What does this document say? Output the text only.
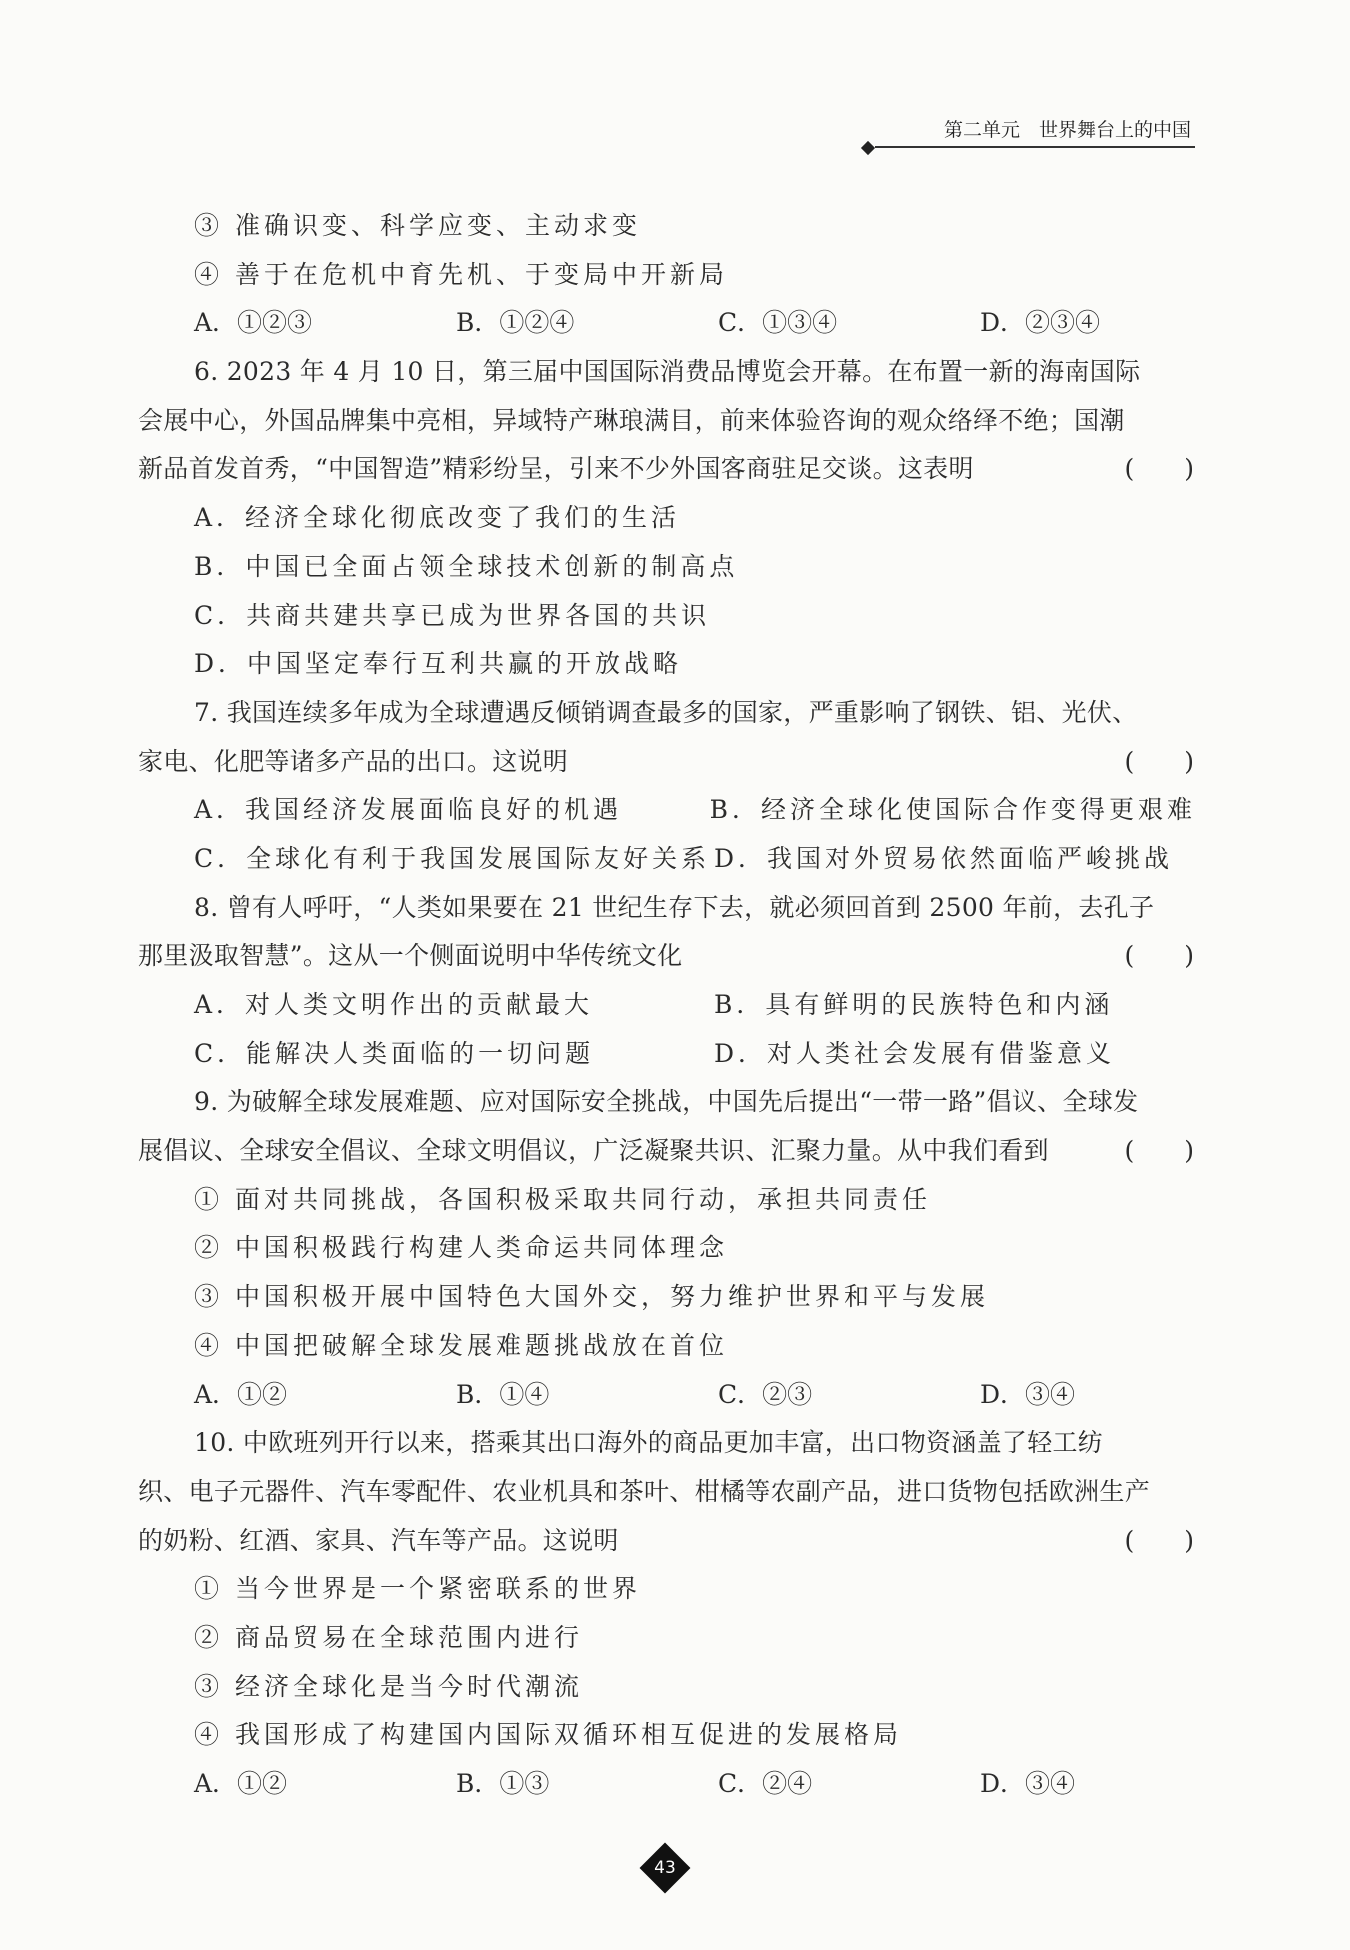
第二单元　 世界舞台上的中国
③ 准确识变、科学应变、主动求变
④ 善于在危机中育先机、于变局中开新局
A．①②③	B．①②④	C．①③④	D．②③④
6. 2023 年 4 月 10 日，第三届中国国际消费品博览会开幕。在布置一新的海南国际
会展中心，外国品牌集中亮相，异域特产琳琅满目，前来体验咨询的观众络绎不绝；国潮
新品首发首秀，“中国智造”精彩纷呈，引来不少外国客商驻足交谈。这表明	(　　)
A．经济全球化彻底改变了我们的生活
B．中国已全面占领全球技术创新的制高点
C．共商共建共享已成为世界各国的共识
D．中国坚定奉行互利共赢的开放战略
7. 我国连续多年成为全球遭遇反倾销调查最多的国家，严重影响了钢铁、铝、光伏、
家电、化肥等诸多产品的出口。这说明	(　　)
A．我国经济发展面临良好的机遇	B．经济全球化使国际合作变得更艰难
C．全球化有利于我国发展国际友好关系 D．我国对外贸易依然面临严峻挑战
8. 曾有人呼吁，“人类如果要在 21 世纪生存下去，就必须回首到 2500 年前，去孔子
那里汲取智慧”。这从一个侧面说明中华传统文化	(　　)
A．对人类文明作出的贡献最大	B．具有鲜明的民族特色和内涵
C．能解决人类面临的一切问题	D．对人类社会发展有借鉴意义
9. 为破解全球发展难题、应对国际安全挑战，中国先后提出“一带一路”倡议、全球发
展倡议、全球安全倡议、全球文明倡议，广泛凝聚共识、汇聚力量。从中我们看到	(　　)
① 面对共同挑战，各国积极采取共同行动，承担共同责任
② 中国积极践行构建人类命运共同体理念
③ 中国积极开展中国特色大国外交，努力维护世界和平与发展
④ 中国把破解全球发展难题挑战放在首位
A．①②	B．①④	C．②③	D．③④
10. 中欧班列开行以来，搭乘其出口海外的商品更加丰富，出口物资涵盖了轻工纺
织、电子元器件、汽车零配件、农业机具和茶叶、柑橘等农副产品，进口货物包括欧洲生产
的奶粉、红酒、家具、汽车等产品。这说明	(　　)
① 当今世界是一个紧密联系的世界
② 商品贸易在全球范围内进行
③ 经济全球化是当今时代潮流
④ 我国形成了构建国内国际双循环相互促进的发展格局
A．①②	B．①③	C．②④	D．③④
43
